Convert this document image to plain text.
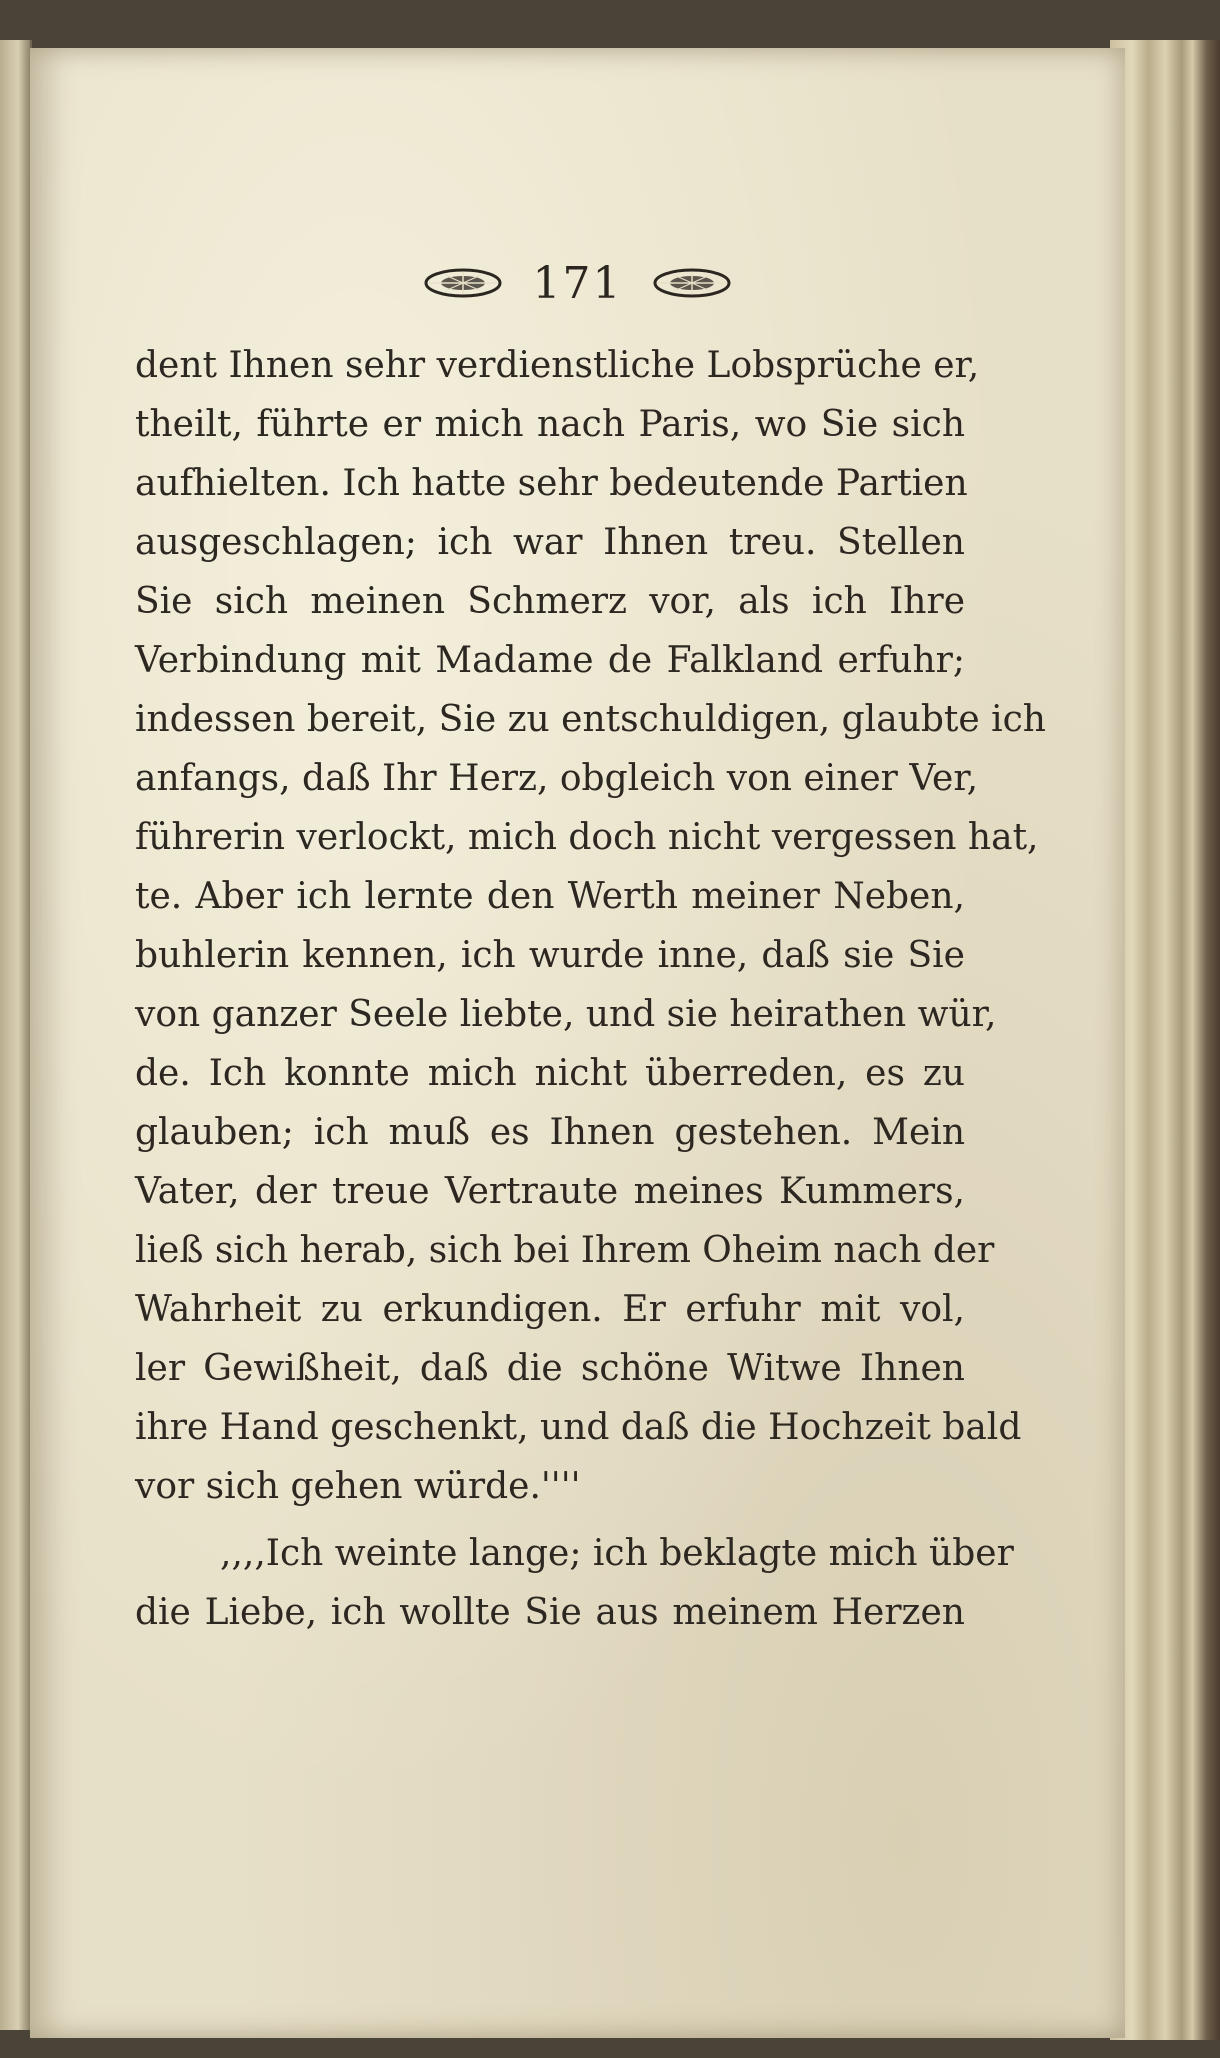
171
dent Ihnen sehr verdienstliche Lobsprüche er,
theilt, führte er mich nach Paris, wo Sie sich
aufhielten. Ich hatte sehr bedeutende Partien
ausgeschlagen; ich war Ihnen treu. Stellen
Sie sich meinen Schmerz vor, als ich Ihre
Verbindung mit Madame de Falkland erfuhr;
indessen bereit, Sie zu entschuldigen, glaubte ich
anfangs, daß Ihr Herz, obgleich von einer Ver,
führerin verlockt, mich doch nicht vergessen hat,
te. Aber ich lernte den Werth meiner Neben,
buhlerin kennen, ich wurde inne, daß sie Sie
von ganzer Seele liebte, und sie heirathen wür,
de. Ich konnte mich nicht überreden, es zu
glauben; ich muß es Ihnen gestehen. Mein
Vater, der treue Vertraute meines Kummers,
ließ sich herab, sich bei Ihrem Oheim nach der
Wahrheit zu erkundigen. Er erfuhr mit vol,
ler Gewißheit, daß die schöne Witwe Ihnen
ihre Hand geschenkt, und daß die Hochzeit bald
vor sich gehen würde.''''
,,,,Ich weinte lange; ich beklagte mich über
die Liebe, ich wollte Sie aus meinem Herzen
